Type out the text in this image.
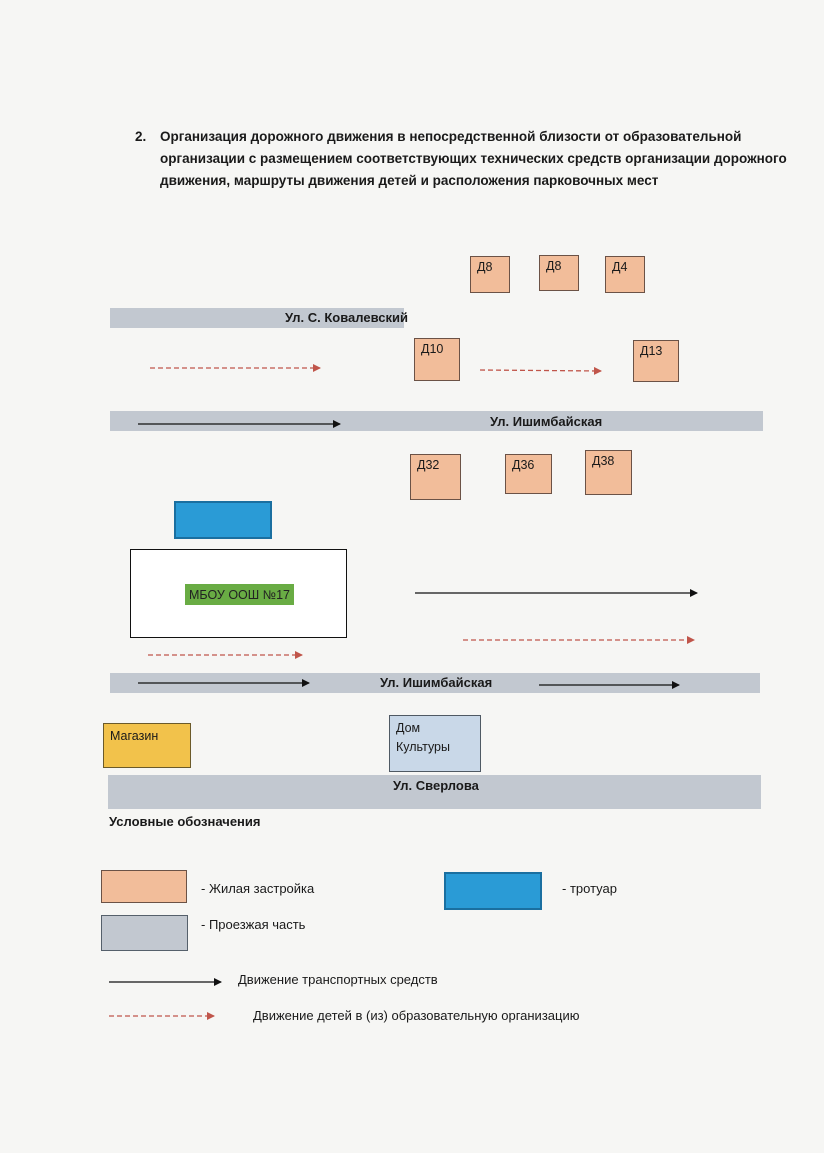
2. Организация дорожного движения в непосредственной близости от образовательной организации с размещением соответствующих технических средств организации дорожного движения, маршруты движения детей и расположения парковочных мест
Д8	Д8	Д4
Ул. С. Ковалевский
Д10	Д13
Ул. Ишимбайская
Д32	Д36	Д38
МБОУ ООШ №17
Ул. Ишимбайская
Магазин
Дом
Культуры
Ул. Сверлова
Условные обозначения
- Жилая застройка	- тротуар
- Проезжая часть
Движение транспортных средств
Движение детей в (из) образовательную организацию
